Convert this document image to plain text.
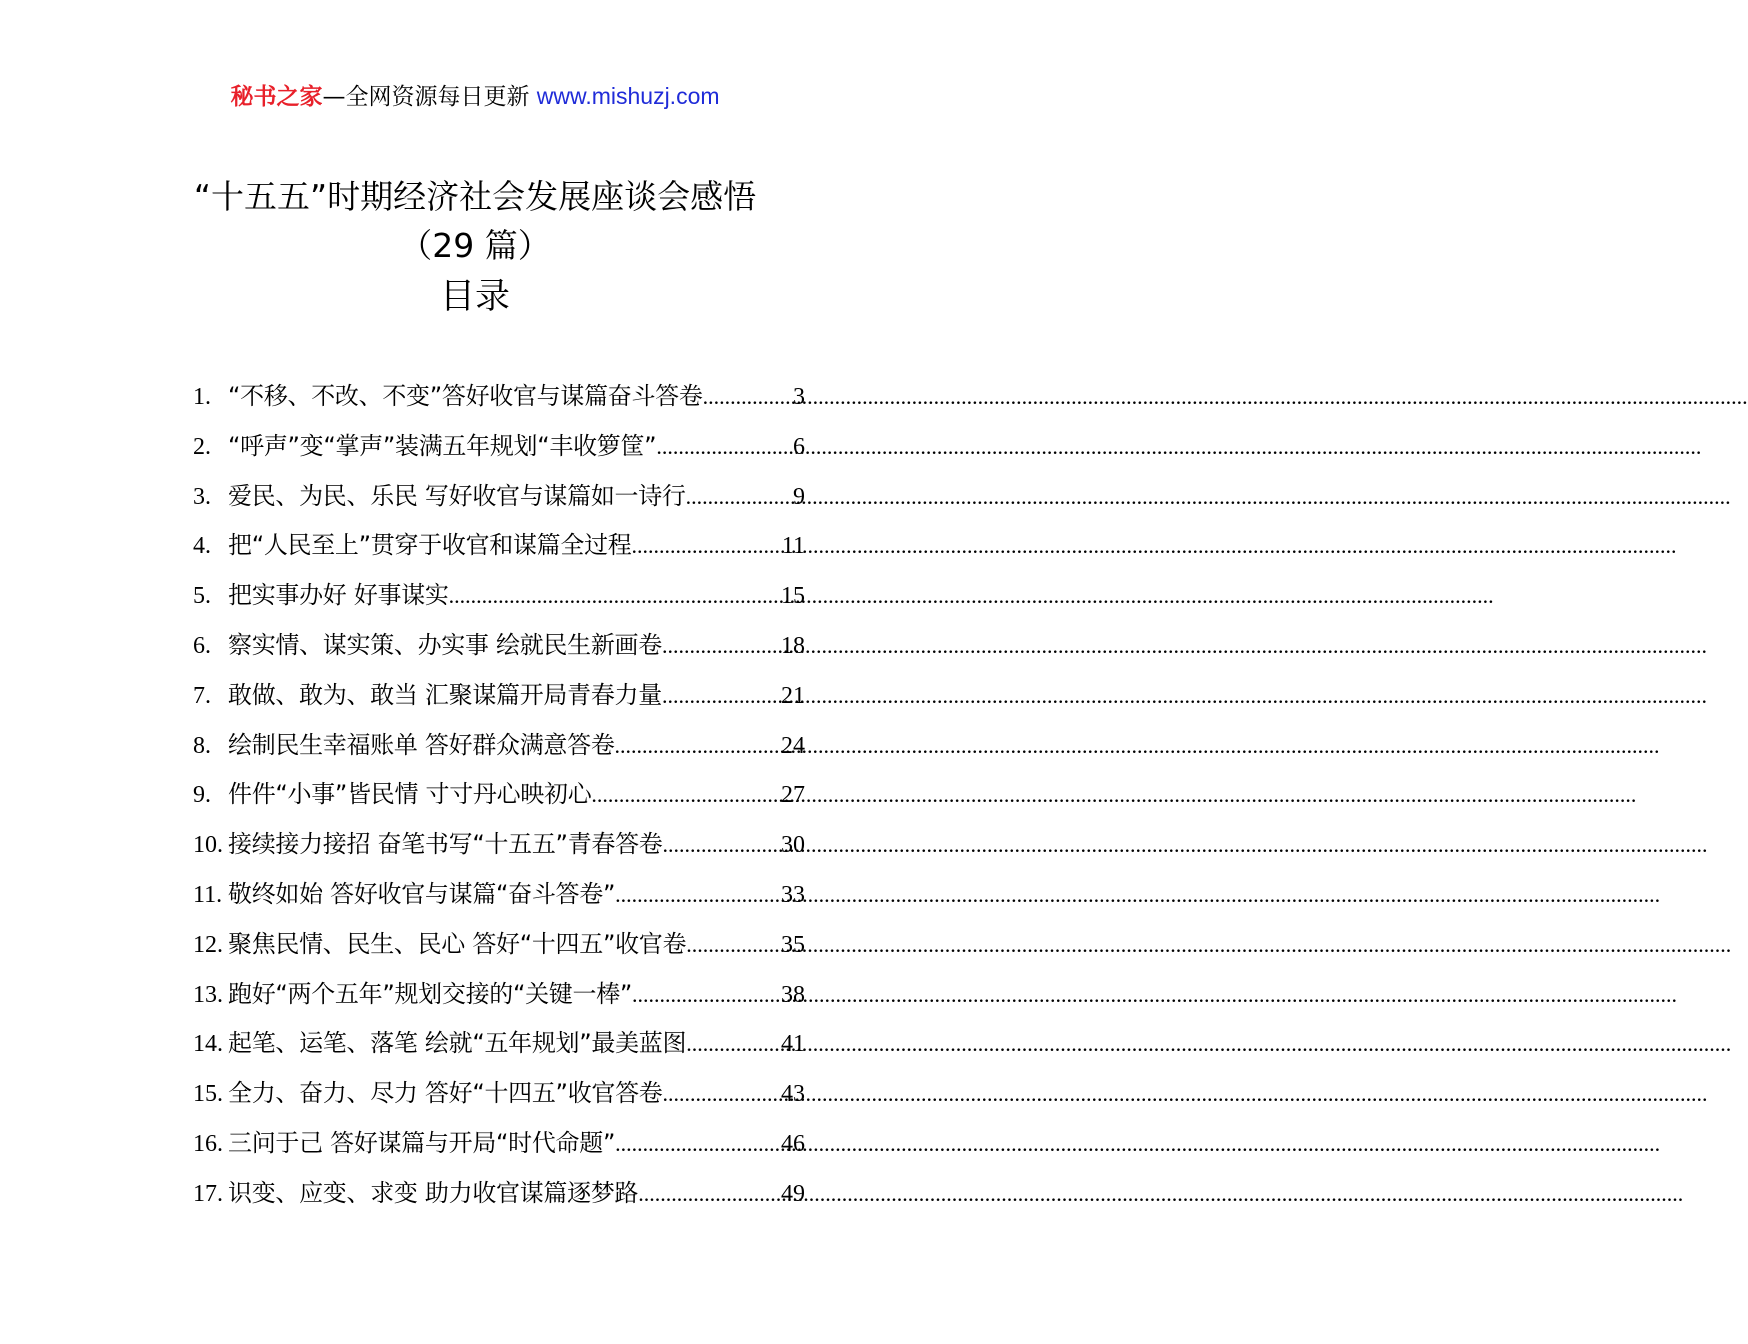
秘书之家—全网资源每日更新 www.mishuzj.com
“十五五”时期经济社会发展座谈会感悟
（29 篇）
目录
1. “不移、不改、不变”答好收官与谋篇奋斗答卷 .....	3
2. “呼声”变“掌声”装满五年规划“丰收箩筐” .....	6
3. 爱民、为民、乐民 写好收官与谋篇如一诗行 .....	9
4. 把“人民至上”贯穿于收官和谋篇全过程 .....	11
5. 把实事办好 好事谋实 .....	15
6. 察实情、谋实策、办实事 绘就民生新画卷 .....	18
7. 敢做、敢为、敢当 汇聚谋篇开局青春力量 .....	21
8. 绘制民生幸福账单 答好群众满意答卷 .....	24
9. 件件“小事”皆民情 寸寸丹心映初心 .....	27
10. 接续接力接招 奋笔书写“十五五”青春答卷 .....	30
11. 敬终如始 答好收官与谋篇“奋斗答卷” .....	33
12. 聚焦民情、民生、民心 答好“十四五”收官卷 .....	35
13. 跑好“两个五年”规划交接的“关键一棒” .....	38
14. 起笔、运笔、落笔 绘就“五年规划”最美蓝图 .....	41
15. 全力、奋力、尽力 答好“十四五”收官答卷 .....	43
16. 三问于己 答好谋篇与开局“时代命题” .....	46
17. 识变、应变、求变 助力收官谋篇逐梦路 .....	49
